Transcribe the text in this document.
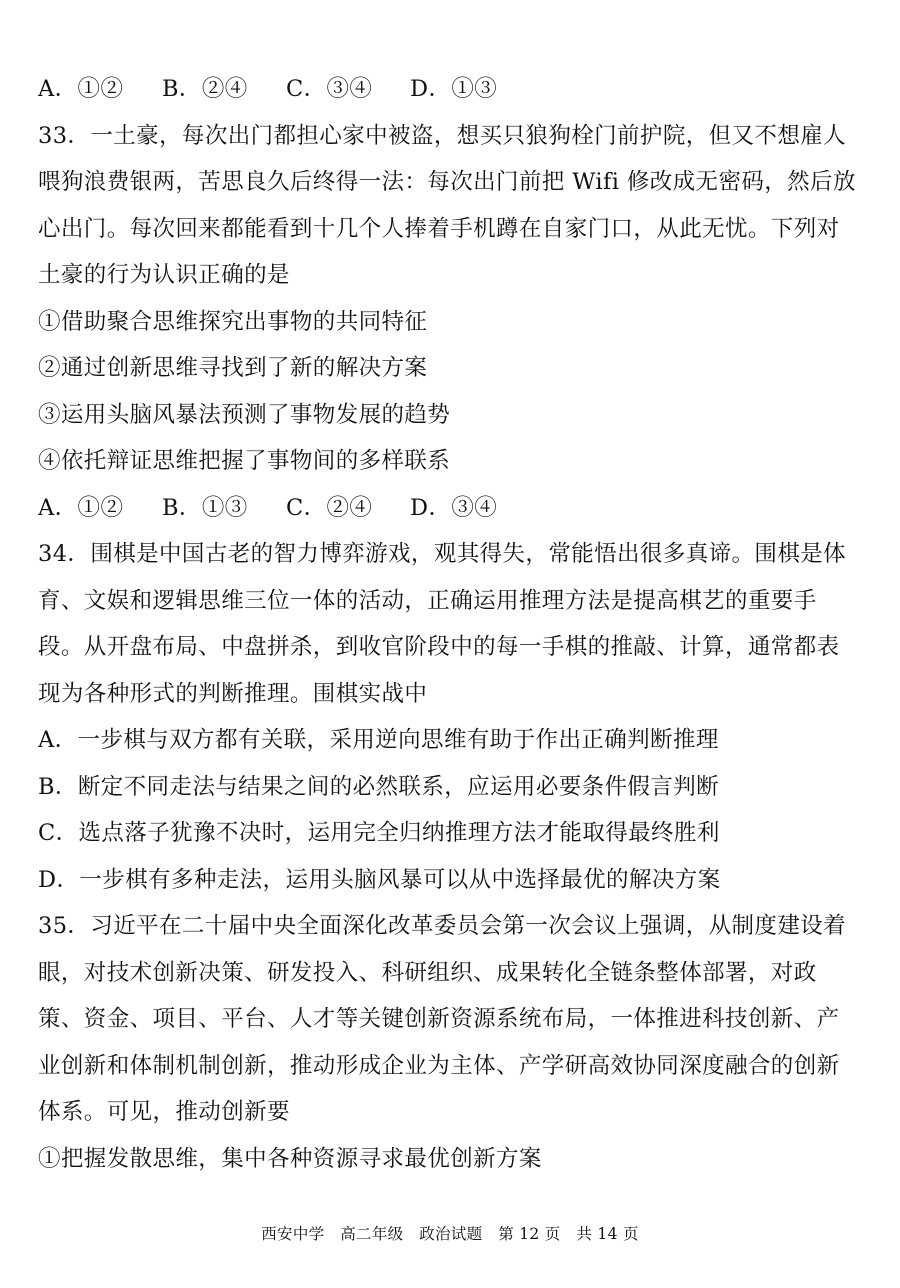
A．①②	B．②④	C．③④	D．①③
33．一土豪，每次出门都担心家中被盗，想买只狼狗栓门前护院，但又不想雇人
喂狗浪费银两，苦思良久后终得一法：每次出门前把 Wifi 修改成无密码，然后放
心出门。每次回来都能看到十几个人捧着手机蹲在自家门口，从此无忧。下列对
土豪的行为认识正确的是
①借助聚合思维探究出事物的共同特征
②通过创新思维寻找到了新的解决方案
③运用头脑风暴法预测了事物发展的趋势
④依托辩证思维把握了事物间的多样联系
A．①②	B．①③	C．②④	D．③④
34．围棋是中国古老的智力博弈游戏，观其得失，常能悟出很多真谛。围棋是体
育、文娱和逻辑思维三位一体的活动，正确运用推理方法是提高棋艺的重要手
段。从开盘布局、中盘拼杀，到收官阶段中的每一手棋的推敲、计算，通常都表
现为各种形式的判断推理。围棋实战中
A．一步棋与双方都有关联，采用逆向思维有助于作出正确判断推理
B．断定不同走法与结果之间的必然联系，应运用必要条件假言判断
C．选点落子犹豫不决时，运用完全归纳推理方法才能取得最终胜利
D．一步棋有多种走法，运用头脑风暴可以从中选择最优的解决方案
35．习近平在二十届中央全面深化改革委员会第一次会议上强调，从制度建设着
眼，对技术创新决策、研发投入、科研组织、成果转化全链条整体部署，对政
策、资金、项目、平台、人才等关键创新资源系统布局，一体推进科技创新、产
业创新和体制机制创新，推动形成企业为主体、产学研高效协同深度融合的创新
体系。可见，推动创新要
①把握发散思维，集中各种资源寻求最优创新方案
西安中学　高二年级　政治试题　第 12 页　共 14 页
